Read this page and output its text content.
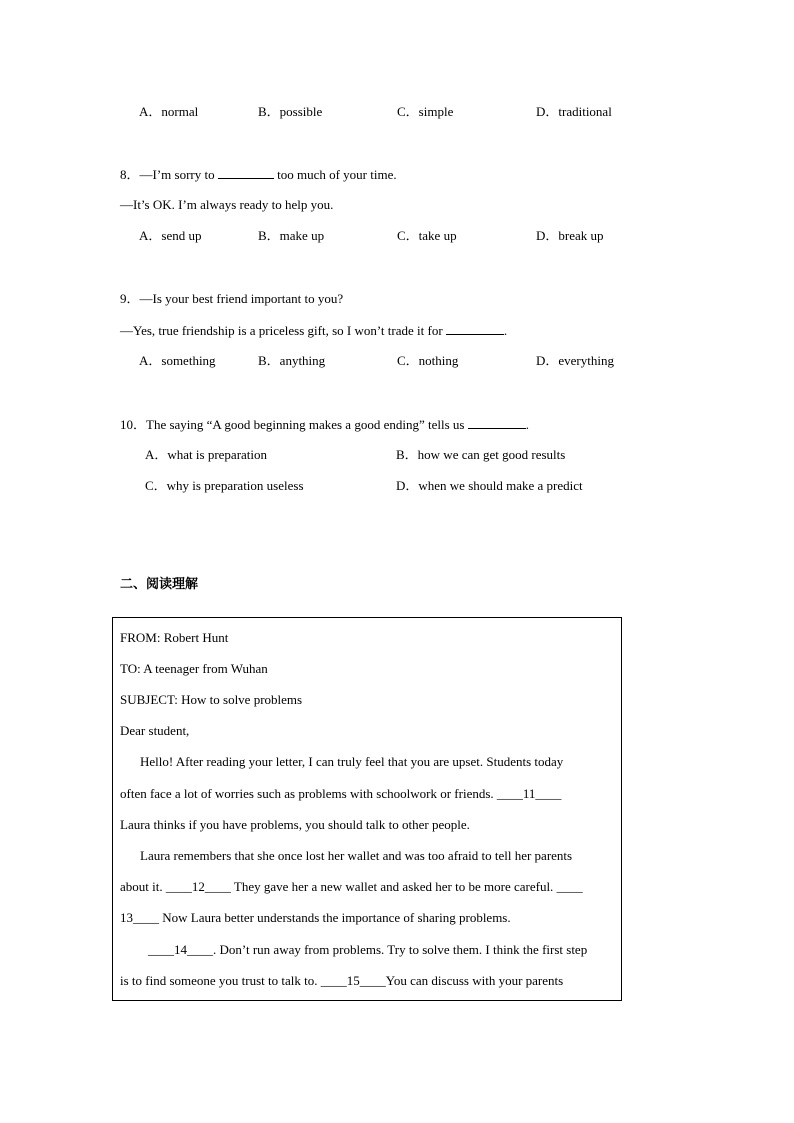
A．normal	B．possible	C．simple	D．traditional
8．—I’m sorry to	too much of your time.
—It’s OK. I’m always ready to help you.
A．send up	B．make up	C．take up	D．break up
9．—Is your best friend important to you?
—Yes, true friendship is a priceless gift, so I won’t trade it for	.
A．something	B．anything	C．nothing	D．everything
10．The saying “A good beginning makes a good ending” tells us	.
A．what is preparation	B．how we can get good results
C．why is preparation useless	D．when we should make a predict
二、阅读理解
FROM: Robert Hunt
TO: A teenager from Wuhan
SUBJECT: How to solve problems
Dear student,
Hello! After reading your letter, I can truly feel that you are upset. Students today
often face a lot of worries such as problems with schoolwork or friends. ____11____
Laura thinks if you have problems, you should talk to other people.
Laura remembers that she once lost her wallet and was too afraid to tell her parents
about it. ____12____ They gave her a new wallet and asked her to be more careful. ____
13____ Now Laura better understands the importance of sharing problems.
____14____. Don’t run away from problems. Try to solve them. I think the first step
is to find someone you trust to talk to. ____15____You can discuss with your parents
